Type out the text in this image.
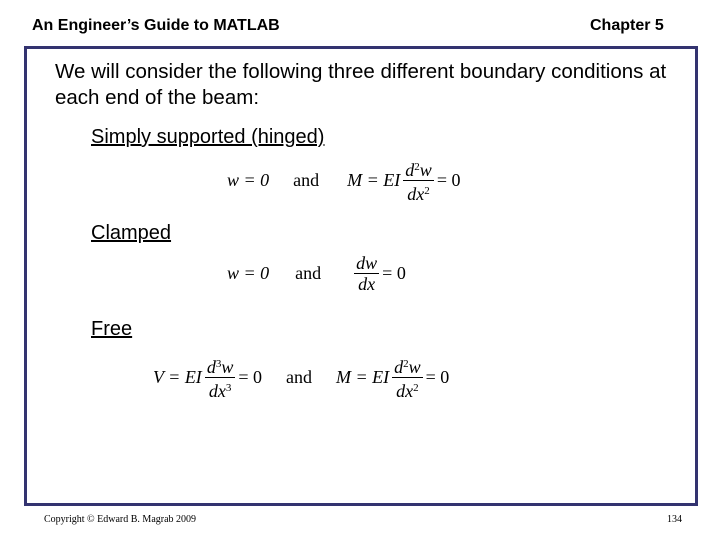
An Engineer’s Guide to MATLAB	Chapter 5
We will consider the following three different boundary conditions at each end of the beam:
Simply supported (hinged)
w = 0 and M = EI $\frac{d^2w}{dx^2} = 0$
Clamped
w = 0 and $\frac{dw}{dx} = 0$
Free
V = EI $\frac{d^3w}{dx^3} = 0$ and M = EI $\frac{d^2w}{dx^2} = 0$
Copyright © Edward B. Magrab 2009	134
